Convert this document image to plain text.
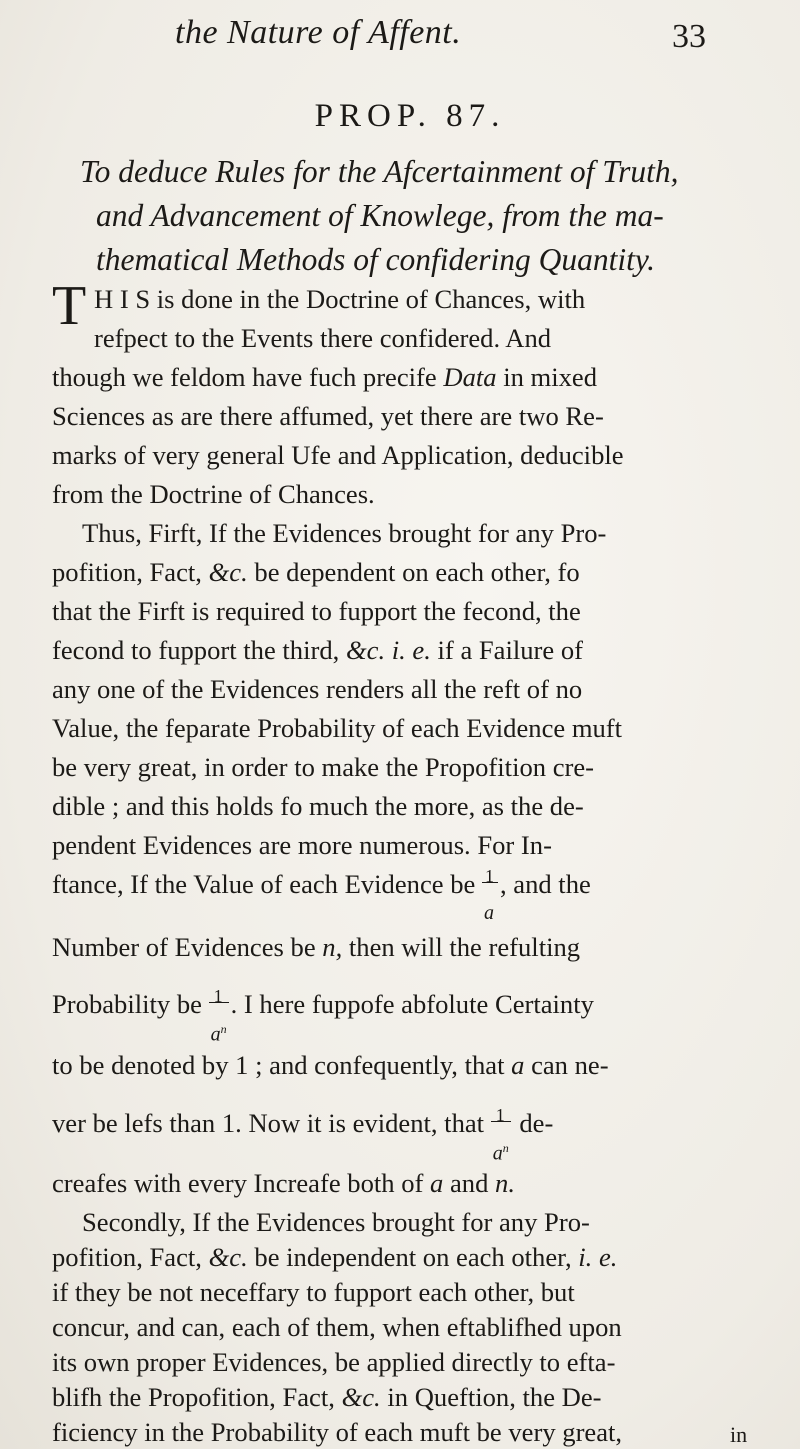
the Nature of Affent.	33
PROP. 87.
To deduce Rules for the Afcertainment of Truth,
and Advancement of Knowlege, from the ma-
thematical Methods of confidering Quantity.
T H I S is done in the Doctrine of Chances, with
refpect to the Events there confidered. And
though we feldom have fuch precife Data in mixed
Sciences as are there affumed, yet there are two Re-
marks of very general Ufe and Application, deducible
from the Doctrine of Chances.
Thus, Firft, If the Evidences brought for any Pro-
pofition, Fact, &c. be dependent on each other, fo
that the Firft is required to fupport the fecond, the
fecond to fupport the third, &c. i. e. if a Failure of
any one of the Evidences renders all the reft of no
Value, the feparate Probability of each Evidence muft
be very great, in order to make the Propofition cre-
dible ; and this holds fo much the more, as the de-
pendent Evidences are more numerous. For In-
ftance, If the Value of each Evidence be $\frac{1}{a}$ , and the
Number of Evidences be n, then will the refulting
Probability be $\frac{1}{a^n}$ . I here fuppofe abfolute Certainty
to be denoted by 1 ; and confequently, that a can ne-
ver be lefs than 1. Now it is evident, that $\frac{1}{a^n} de-$
creafes with every Increafe both of a and n.
Secondly, If the Evidences brought for any Pro-
pofition, Fact, &c. be independent on each other, i. e.
if they be not neceffary to fupport each other, but
concur, and can, each of them, when eftablifhed upon
its own proper Evidences, be applied directly to efta-
blifh the Propofition, Fact, &c. in Queftion, the De-
ficiency in the Probability of each muft be very great,	in
